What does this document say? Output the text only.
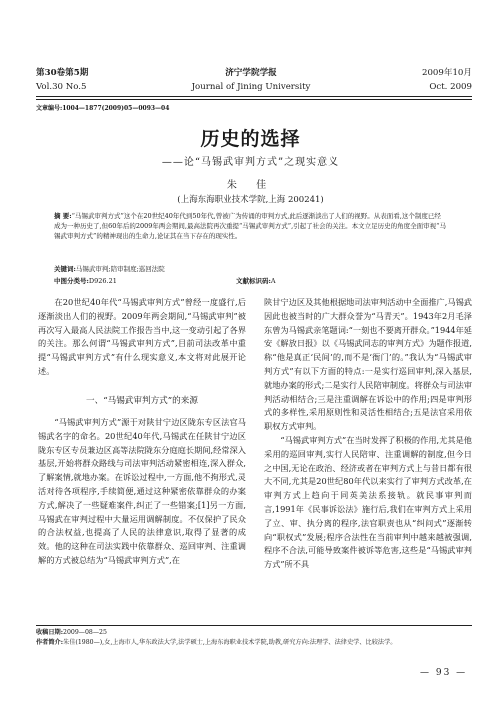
第30卷第5期	济宁学院学报	2009年10月
Vol.30 No.5	Journal of Jining University	Oct. 2009
文章编号:1004—1877(2009)05—0093—04
历史的选择
——论“马锡武审判方式”之现实意义
朱 佳
(上海东海职业技术学院,上海 200241)
摘 要:“马锡武审判方式”这个在20世纪40年代到50年代,曾被广为传诵的审判方式,此后逐渐淡出了人们的视野。从表面看,这个制度已经成为一种历史了,但60年后的2009年两会期间,最高法院再次重提“马锡武审判方式”,引起了社会的关注。本文立足历史的角度全面审视“马锡武审判方式”的精神现出的生命力,论证其在当下存在的现实性。
关键词:马锡武审判;陪审制度;巡回法院
中图分类号:D926.21	文献标识码:A

在20世纪40年代“马锡武审判方式”曾经一度盛行,后逐渐淡出人们的视野。2009年两会期间,“马锡武审判”被再次写入最高人民法院工作报告当中,这一变动引起了各界的关注。那么何谓“马锡武审判方式”,目前司法改革中重提“马锡武审判方式”有什么现实意义,本文将对此展开论述。

一、“马锡武审判方式”的来源

“马锡武审判方式”源于对陕甘宁边区陇东专区法官马锡武名字的命名。20世纪40年代,马锡武在任陕甘宁边区陇东专区专员兼边区高等法院陇东分庭庭长期间,经常深入基层,开始将群众路线与司法审判活动紧密相连,深入群众,了解案情,就地办案。在诉讼过程中,一方面,他不拘形式,灵活对待各项程序,手续简便,通过这种紧密依靠群众的办案方式,解决了一些疑难案件,纠正了一些错案;[1]另一方面,马锡武在审判过程中大量运用调解制度。不仅保护了民众的合法权益,也提高了人民的法律意识,取得了显著的成效。他的这种在司法实践中依靠群众、巡回审判、注重调解的方式被总结为“马锡武审判方式”,在

陕甘宁边区及其他根据地司法审判活动中全面推广,马锡武因此也被当时的广大群众誉为“马青天”。1943年2月毛泽东曾为马锡武亲笔题词:“一刻也不要离开群众。”1944年延安《解放日报》以《马锡武同志的审判方式》为题作报道,称“他是真正‘民间’的,而不是‘衙门’的。”我认为“马锡武审判方式”有以下方面的特点:一是实行巡回审判,深入基层,就地办案的形式;二是实行人民陪审制度。将群众与司法审判活动相结合;三是注重调解在诉讼中的作用;四是审判形式的多样性,采用原则性和灵活性相结合;五是法官采用依职权方式审判。

“马锡武审判方式”在当时发挥了积极的作用,尤其是他采用的巡回审判,实行人民陪审、注重调解的制度,但今日之中国,无论在政治、经济或者在审判方式上与昔日都有很大不同,尤其是20世纪80年代以来实行了审判方式改革,在审判方式上趋向于同英美法系接轨。就民事审判而言,1991年《民事诉讼法》施行后,我们在审判方式上采用了立、审、执分离的程序,法官职责也从“纠问式”逐渐转向“职权式”发展;程序合法性在当前审判中越来越被强调,程序不合法,可能导致案件被诉等危害,这些是“马锡武审判方式”所不具

收稿日期:2009—08—25
作者简介:朱佳(1980—),女,上海市人,华东政法大学,法学硕士,上海东海职业技术学院,助教,研究方向:法理学、法律史学、比较法学。
— 93 —
